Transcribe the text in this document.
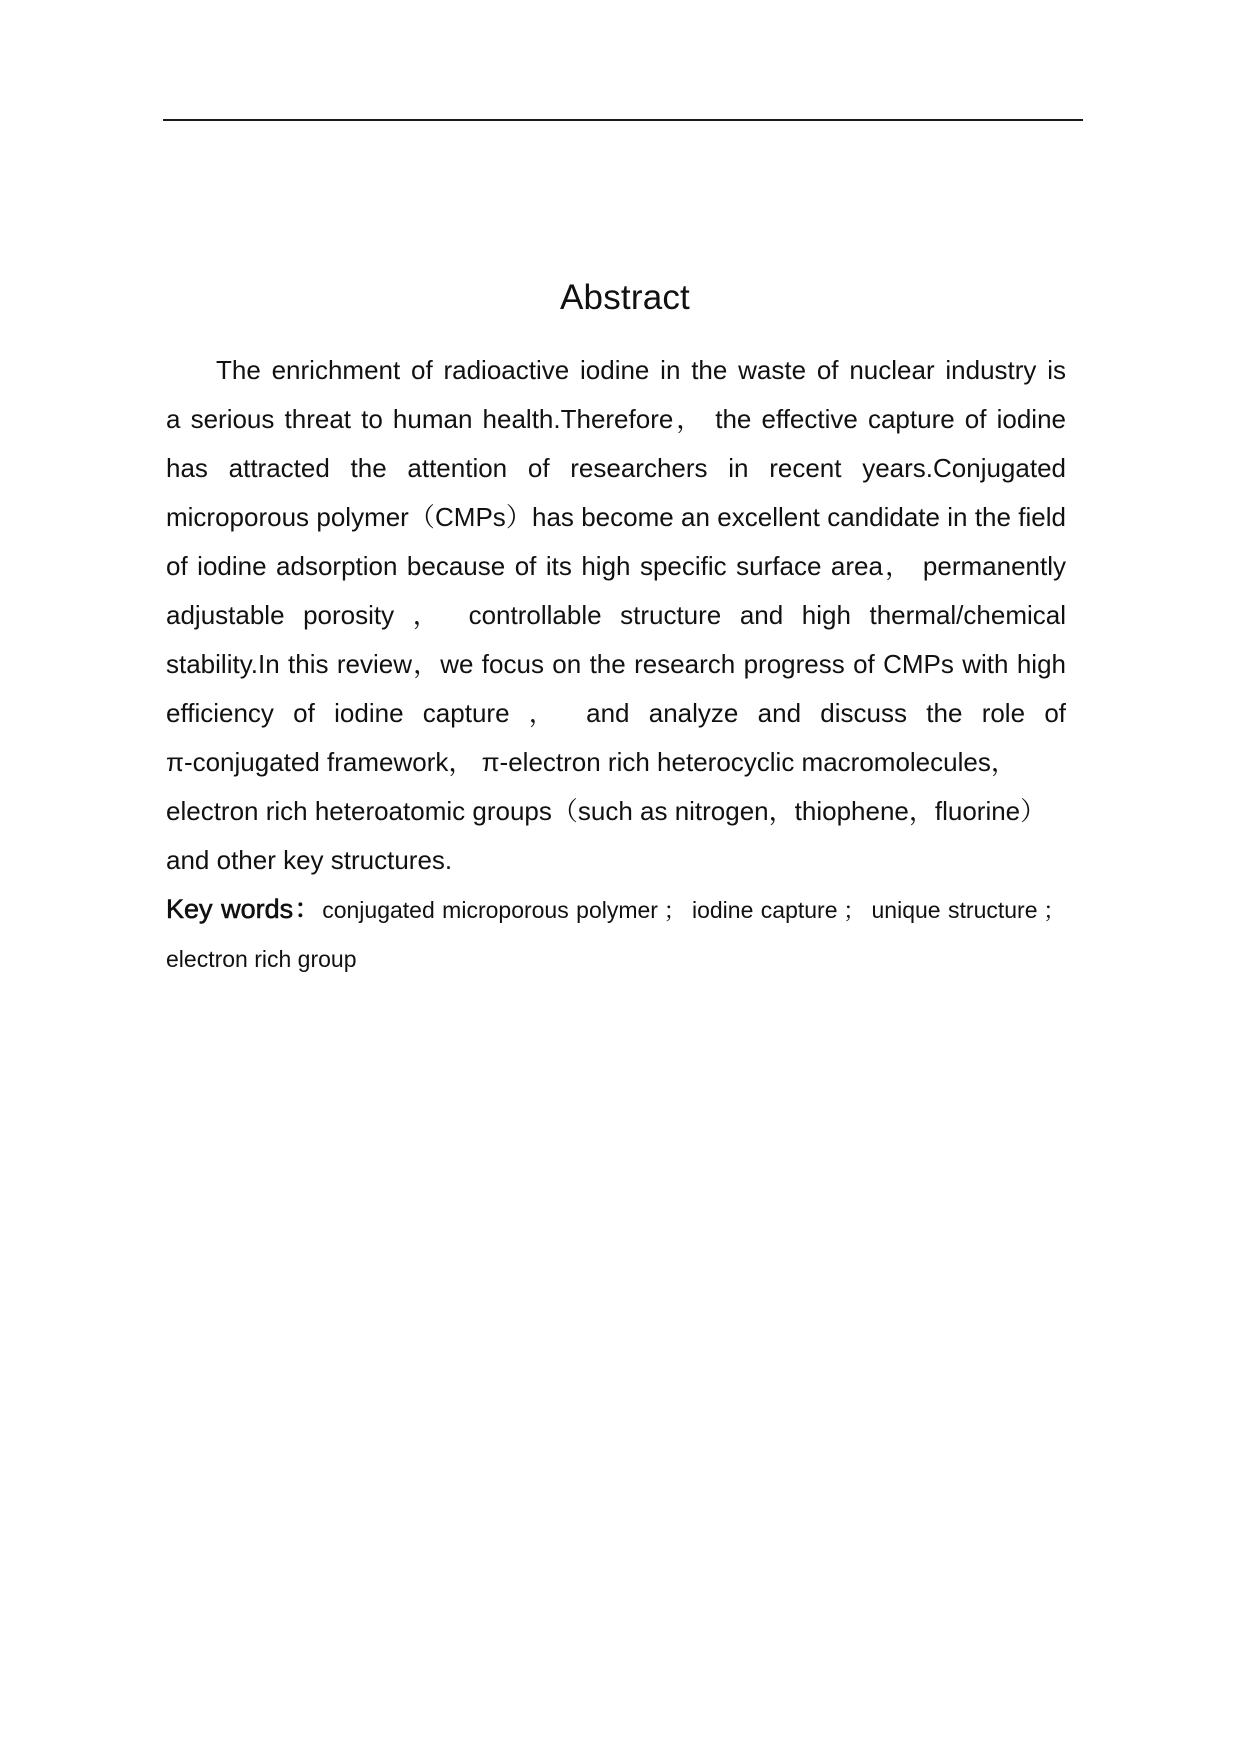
Abstract
The enrichment of radioactive iodine in the waste of nuclear industry is
a serious threat to human health.Therefore， the effective capture of iodine
has attracted the attention of researchers in recent years.Conjugated
microporous polymer（CMPs）has become an excellent candidate in the field
of iodine adsorption because of its high specific surface area， permanently
adjustable porosity ， controllable structure and high thermal/chemical
stability.In this review，we focus on the research progress of CMPs with high
efficiency of iodine capture ， and analyze and discuss the role of
π-conjugated framework， π-electron rich heterocyclic macromolecules，
electron rich heteroatomic groups（such as nitrogen，thiophene，fluorine）
and other key structures.
Key words：conjugated microporous polymer ； iodine capture ； unique structure ；
electron rich group
